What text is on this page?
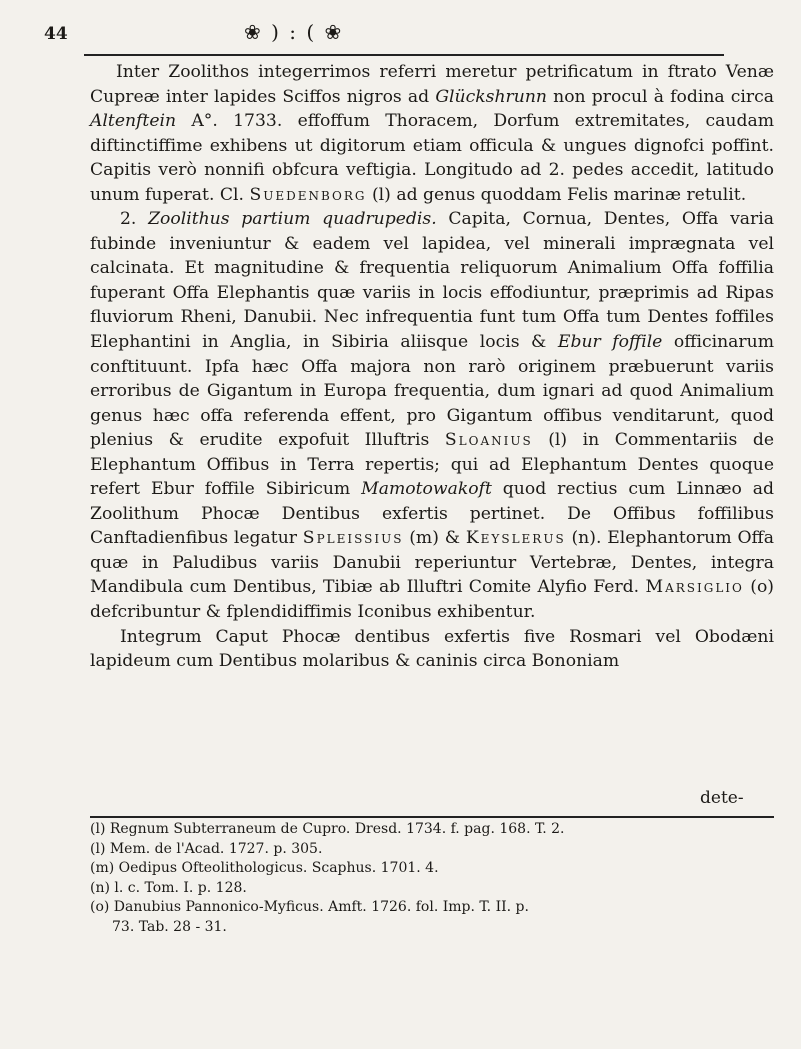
44	❀ ) : ( ❀

Inter Zoolithos integerrimos referri meretur petrificatum in ftrato Venæ Cupreæ inter lapides Sciffos nigros ad Glückshrunn non procul à fodina circa Altenftein A°. 1733. effoffum Thoracem, Dorfum extremitates, caudam diftinctiffime exhibens ut digitorum etiam officula & ungues dignofci poffint. Capitis verò nonnifi obfcura veftigia. Longitudo ad 2. pedes accedit, latitudo unum fuperat. Cl. Suedenborg (l) ad genus quoddam Felis marinæ retulit.

2. Zoolithus partium quadrupedis. Capita, Cornua, Dentes, Offa varia fubinde inveniuntur & eadem vel lapidea, vel minerali imprægnata vel calcinata. Et magnitudine & frequentia reliquorum Animalium Offa foffilia fuperant Offa Elephantis quæ variis in locis effodiuntur, præprimis ad Ripas fluviorum Rheni, Danubii. Nec infrequentia funt tum Offa tum Dentes foffiles Elephantini in Anglia, in Sibiria aliisque locis & Ebur foffile officinarum conftituunt. Ipfa hæc Offa majora non rarò originem præbuerunt variis erroribus de Gigantum in Europa frequentia, dum ignari ad quod Animalium genus hæc offa referenda effent, pro Gigantum offibus venditarunt, quod plenius & erudite expofuit Illuftris Sloanius (l) in Commentariis de Elephantum Offibus in Terra repertis; qui ad Elephantum Dentes quoque refert Ebur foffile Sibiricum Mamotowakoft quod rectius cum Linnæo ad Zoolithum Phocæ Dentibus exfertis pertinet. De Offibus foffilibus Canftadienfibus legatur Spleissius (m) & Keyslerus (n). Elephantorum Offa quæ in Paludibus variis Danubii reperiuntur Vertebræ, Dentes, integra Mandibula cum Dentibus, Tibiæ ab Illuftri Comite Alyfio Ferd. Marsiglio (o) defcribuntur & fplendidiffimis Iconibus exhibentur.

Integrum Caput Phocæ dentibus exfertis five Rosmari vel Obodæni lapideum cum Dentibus molaribus & caninis circa Bononiam

dete-

(l) Regnum Subterraneum de Cupro. Dresd. 1734. f. pag. 168. T. 2.

(l) Mem. de l'Acad. 1727. p. 305.

(m) Oedipus Ofteolithologicus. Scaphus. 1701. 4.

(n) l. c. Tom. I. p. 128.

(o) Danubius Pannonico-Myficus. Amft. 1726. fol. Imp. T. II. p.

73. Tab. 28 - 31.
